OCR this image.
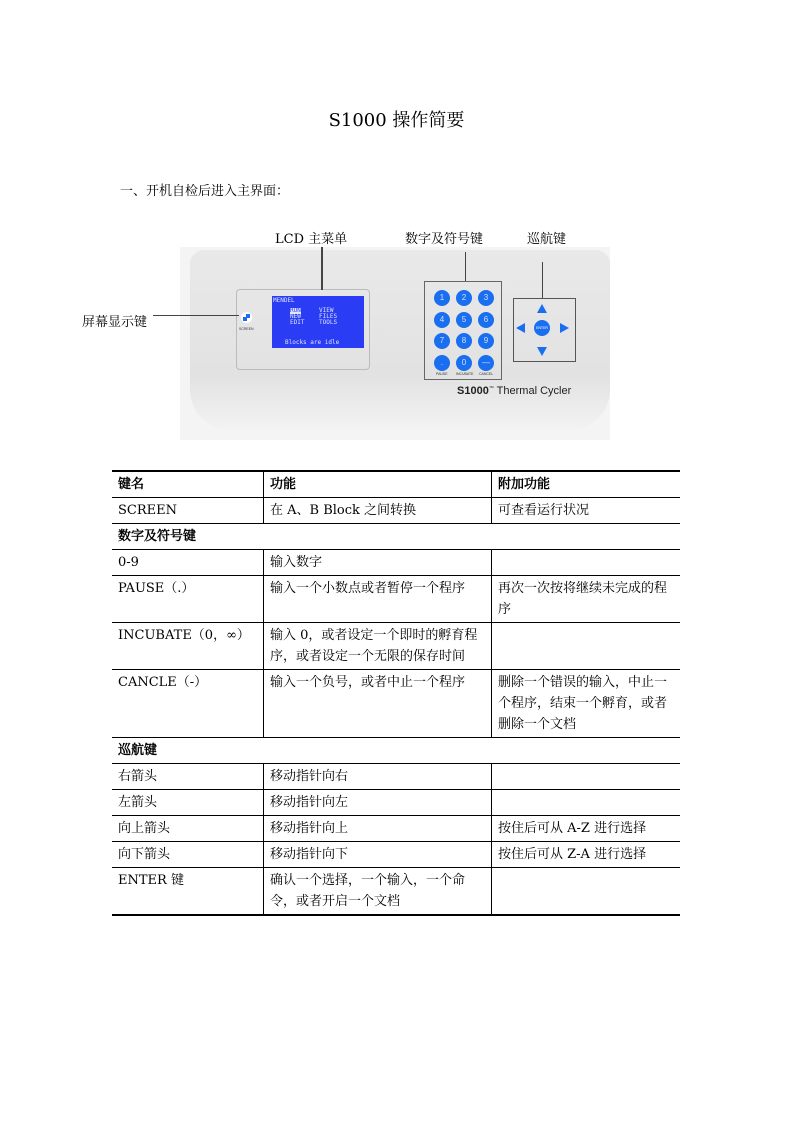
S1000 操作简要
一、开机自检后进入主界面：
MENDEL
RUN	VIEW
NEW	FILES
EDIT TOOLS
Blocks are idle
SCREEN
1	2	3
4	5	6
7	8	9
.	0	—
PAUSE INCUBATE CANCEL
ENTER
S1000™ Thermal Cycler
LCD 主菜单	数字及符号键	巡航键
屏幕显示键
键名	功能	附加功能
SCREEN	在 A、B Block 之间转换	可查看运行状况
数字及符号键		
0-9	输入数字	
PAUSE（.）	输入一个小数点或者暂停一个程序	再次一次按将继续未完成的程序
INCUBATE（0，∞）	输入 0，或者设定一个即时的孵育程序，或者设定一个无限的保存时间	
CANCLE（-）	输入一个负号，或者中止一个程序	删除一个错误的输入，中止一个程序，结束一个孵育，或者删除一个文档
巡航键		
右箭头	移动指针向右	
左箭头	移动指针向左	
向上箭头	移动指针向上	按住后可从 A-Z 进行选择
向下箭头	移动指针向下	按住后可从 Z-A 进行选择
ENTER 键	确认一个选择，一个输入，一个命令，或者开启一个文档	
